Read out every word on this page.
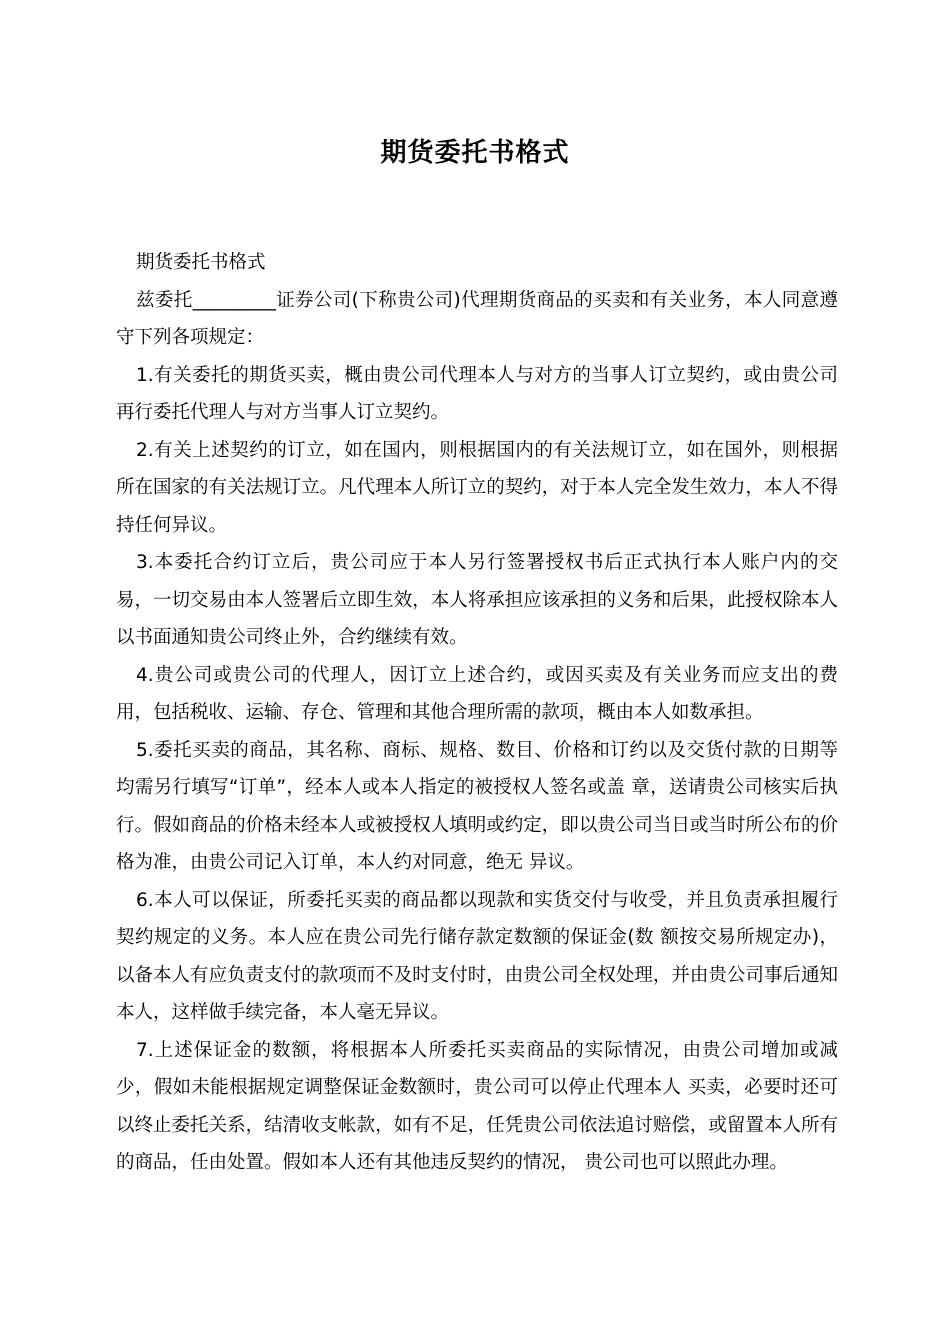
期货委托书格式

期货委托书格式

兹委托_________证券公司(下称贵公司)代理期货商品的买卖和有关业务，本人同意遵守下列各项规定：

1.有关委托的期货买卖，概由贵公司代理本人与对方的当事人订立契约，或由贵公司再行委托代理人与对方当事人订立契约。

2.有关上述契约的订立，如在国内，则根据国内的有关法规订立，如在国外，则根据所在国家的有关法规订立。凡代理本人所订立的契约，对于本人完全发生效力，本人不得持任何异议。

3.本委托合约订立后，贵公司应于本人另行签署授权书后正式执行本人账户内的交易，一切交易由本人签署后立即生效，本人将承担应该承担的义务和后果，此授权除本人以书面通知贵公司终止外，合约继续有效。

4.贵公司或贵公司的代理人，因订立上述合约，或因买卖及有关业务而应支出的费用，包括税收、运输、存仓、管理和其他合理所需的款项，概由本人如数承担。

5.委托买卖的商品，其名称、商标、规格、数目、价格和订约以及交货付款的日期等均需另行填写“订单”，经本人或本人指定的被授权人签名或盖 章，送请贵公司核实后执行。假如商品的价格未经本人或被授权人填明或约定，即以贵公司当日或当时所公布的价格为准，由贵公司记入订单，本人约对同意，绝无 异议。

6.本人可以保证，所委托买卖的商品都以现款和实货交付与收受，并且负责承担履行契约规定的义务。本人应在贵公司先行储存款定数额的保证金(数 额按交易所规定办)，以备本人有应负责支付的款项而不及时支付时，由贵公司全权处理，并由贵公司事后通知本人，这样做手续完备，本人毫无异议。

7.上述保证金的数额，将根据本人所委托买卖商品的实际情况，由贵公司增加或减少，假如未能根据规定调整保证金数额时，贵公司可以停止代理本人 买卖，必要时还可以终止委托关系，结清收支帐款，如有不足，任凭贵公司依法追讨赔偿，或留置本人所有的商品，任由处置。假如本人还有其他违反契约的情况， 贵公司也可以照此办理。
